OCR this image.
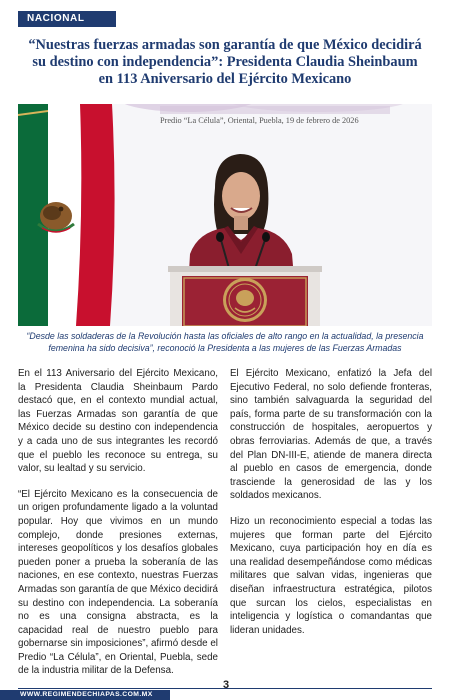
NACIONAL
“Nuestras fuerzas armadas son garantía de que México decidirá su destino con independencia”: Presidenta Claudia Sheinbaum en 113 Aniversario del Ejército Mexicano
Predio “La Célula”, Oriental, Puebla, 19 de febrero de 2026

“Desde las soldaderas de la Revolución hasta las oficiales de alto rango en la actualidad, la presencia femenina ha sido decisiva”, reconoció la Presidenta a las mujeres de las Fuerzas Armadas

En el 113 Aniversario del Ejército Mexicano, la Presidenta Claudia Sheinbaum Pardo destacó que, en el contexto mundial actual, las Fuerzas Armadas son garantía de que México decide su destino con independencia y a cada uno de sus integrantes les recordó que el pueblo les reconoce su entrega, su valor, su lealtad y su servicio.

“El Ejército Mexicano es la consecuencia de un origen profundamente ligado a la voluntad popular. Hoy que vivimos en un mundo complejo, donde presiones externas, intereses geopolíticos y los desafíos globales pueden poner a prueba la soberanía de las naciones, en ese contexto, nuestras Fuerzas Armadas son garantía de que México decidirá su destino con independencia. La soberanía no es una consigna abstracta, es la capacidad real de nuestro pueblo para gobernarse sin imposiciones”, afirmó desde el Predio “La Célula”, en Oriental, Puebla, sede de la industria militar de la Defensa.

El Ejército Mexicano, enfatizó la Jefa del Ejecutivo Federal, no solo defiende fronteras, sino también salvaguarda la seguridad del país, forma parte de su transformación con la construcción de hospitales, aeropuertos y obras ferroviarias. Además de que, a través del Plan DN-III-E, atiende de manera directa al pueblo en casos de emergencia, donde trasciende la generosidad de las y los soldados mexicanos.

Hizo un reconocimiento especial a todas las mujeres que forman parte del Ejército Mexicano, cuya participación hoy en día es una realidad desempeñándose como médicas militares que salvan vidas, ingenieras que diseñan infraestructura estratégica, pilotos que surcan los cielos, especialistas en inteligencia y logística o comandantas que lideran unidades.

WWW.REGIMENDECHIAPAS.COM.MX
3
